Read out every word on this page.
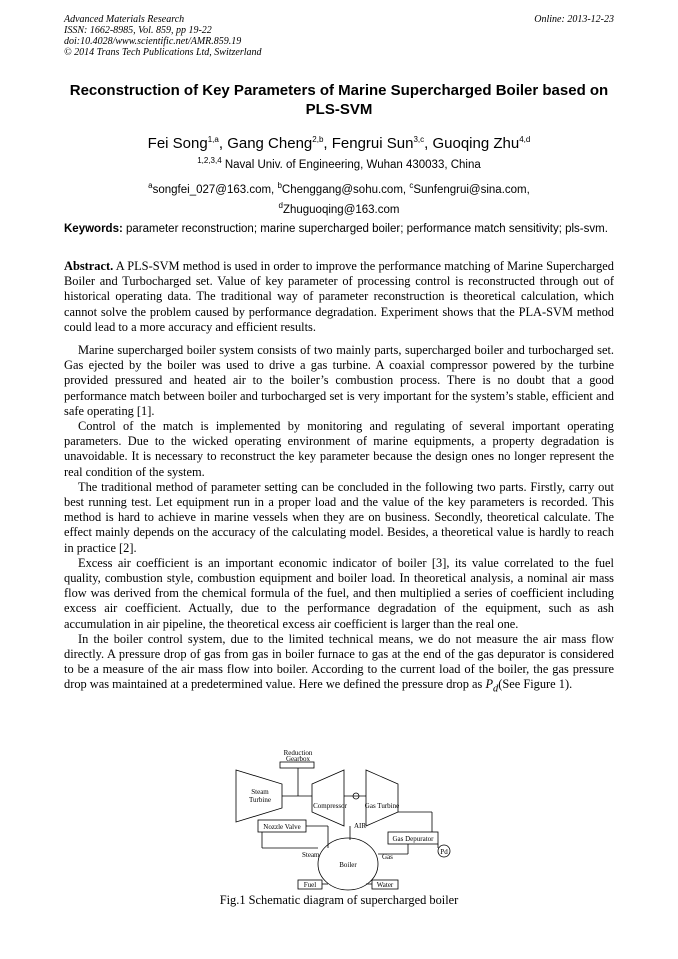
Advanced Materials Research
ISSN: 1662-8985, Vol. 859, pp 19-22
doi:10.4028/www.scientific.net/AMR.859.19
© 2014 Trans Tech Publications Ltd, Switzerland
Online: 2013-12-23
Reconstruction of Key Parameters of Marine Supercharged Boiler based on PLS-SVM
Fei Song$^{1,a}$, Gang Cheng$^{2,b}$, Fengrui Sun$^{3,c}$, Guoqing Zhu$^{4,d}$
$^{1,2,3,4}$ Naval Univ. of Engineering, Wuhan 430033, China
$^a$songfei_027@163.com, $^b$Chenggang@sohu.com, $^c$Sunfengrui@sina.com,
$^d$Zhuguoqing@163.com
Keywords: parameter reconstruction; marine supercharged boiler; performance match sensitivity; pls-svm.

Abstract. A PLS-SVM method is used in order to improve the performance matching of Marine Supercharged Boiler and Turbocharged set. Value of key parameter of processing control is reconstructed through out of historical operating data. The traditional way of parameter reconstruction is theoretical calculation, which cannot solve the problem caused by performance degradation. Experiment shows that the PLA-SVM method could lead to a more accuracy and efficient results.

Marine supercharged boiler system consists of two mainly parts, supercharged boiler and turbocharged set. Gas ejected by the boiler was used to drive a gas turbine. A coaxial compressor powered by the turbine provided pressured and heated air to the boiler’s combustion process. There is no doubt that a good performance match between boiler and turbocharged set is very important for the system’s stable, efficient and safe operating [1].

Control of the match is implemented by monitoring and regulating of several important operating parameters. Due to the wicked operating environment of marine equipments, a property degradation is unavoidable. It is necessary to reconstruct the key parameter because the design ones no longer represent the real condition of the system.

The traditional method of parameter setting can be concluded in the following two parts. Firstly, carry out best running test. Let equipment run in a proper load and the value of the key parameters is recorded. This method is hard to achieve in marine vessels when they are on business. Secondly, theoretical calculate. The effect mainly depends on the accuracy of the calculating model. Besides, a theoretical value is hardly to reach in practice [2].

Excess air coefficient is an important economic indicator of boiler [3], its value correlated to the fuel quality, combustion style, combustion equipment and boiler load. In theoretical analysis, a nominal air mass flow was derived from the chemical formula of the fuel, and then multiplied a series of coefficient including excess air coefficient. Actually, due to the performance degradation of the equipment, such as ash accumulation in air pipeline, the theoretical excess air coefficient is larger than the real one.

In the boiler control system, due to the limited technical means, we do not measure the air mass flow directly. A pressure drop of gas from gas in boiler furnace to gas at the end of the gas depurator is considered to be a measure of the air mass flow into boiler. According to the current load of the boiler, the gas pressure drop was maintained at a predetermined value. Here we defined the pressure drop as $P_d(See$ Figure 1).

Reduction
Gearbox
Steam
Turbine
Compressor	Gas Turbine
AIR
Nozzle Valve
Gas Depurator
Pd
Steam	Gas
Boiler
Fuel	Water
Fig.1 Schematic diagram of supercharged boiler
